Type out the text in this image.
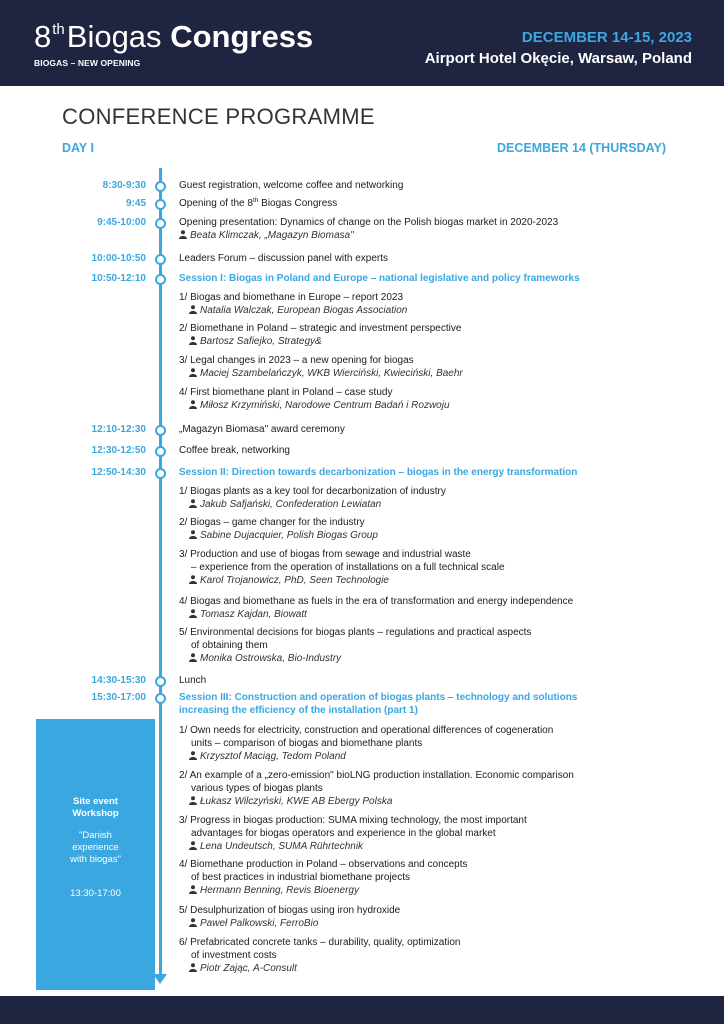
8thBiogas Congress
BIOGAS – NEW OPENING
DECEMBER 14-15, 2023
Airport Hotel Okęcie, Warsaw, Poland
CONFERENCE PROGRAMME
DAY I	DECEMBER 14 (THURSDAY)
Site event
Workshop
"Danish
experience
with biogas"
13:30-17:00
8:30-9:30	Guest registration, welcome coffee and networking
9:45	Opening of the 8th Biogas Congress
9:45-10:00	Opening presentation: Dynamics of change on the Polish biogas market in 2020-2023
Beata Klimczak, „Magazyn Biomasa"
10:00-10:50	Leaders Forum – discussion panel with experts
10:50-12:10	Session I: Biogas in Poland and Europe – national legislative and policy frameworks
1/ Biogas and biomethane in Europe – report 2023
Natalia Walczak, European Biogas Association
2/ Biomethane in Poland – strategic and investment perspective
Bartosz Safiejko, Strategy&
3/ Legal changes in 2023 – a new opening for biogas
Maciej Szambelańczyk, WKB Wierciński, Kwieciński, Baehr
4/ First biomethane plant in Poland – case study
Miłosz Krzymiński, Narodowe Centrum Badań i Rozwoju
12:10-12:30	„Magazyn Biomasa" award ceremony
12:30-12:50	Coffee break, networking
12:50-14:30	Session II: Direction towards decarbonization – biogas in the energy transformation
1/ Biogas plants as a key tool for decarbonization of industry
Jakub Safjański, Confederation Lewiatan
2/ Biogas – game changer for the industry
Sabine Dujacquier, Polish Biogas Group
3/ Production and use of biogas from sewage and industrial waste
– experience from the operation of installations on a full technical scale
Karol Trojanowicz, PhD, Seen Technologie
4/ Biogas and biomethane as fuels in the era of transformation and energy independence
Tomasz Kajdan, Biowatt
5/ Environmental decisions for biogas plants – regulations and practical aspects
of obtaining them
Monika Ostrowska, Bio-Industry
14:30-15:30	Lunch
15:30-17:00	Session III: Construction and operation of biogas plants – technology and solutions
increasing the efficiency of the installation (part 1)
1/ Own needs for electricity, construction and operational differences of cogeneration
units – comparison of biogas and biomethane plants
Krzysztof Maciąg, Tedom Poland
2/ An example of a „zero-emission" bioLNG production installation. Economic comparison
various types of biogas plants
Łukasz Wilczyński, KWE AB Ebergy Polska
3/ Progress in biogas production: SUMA mixing technology, the most important
advantages for biogas operators and experience in the global market
Lena Undeutsch, SUMA Rührtechnik
4/ Biomethane production in Poland – observations and concepts
of best practices in industrial biomethane projects
Hermann Benning, Revis Bioenergy
5/ Desulphurization of biogas using iron hydroxide
Paweł Palkowski, FerroBio
6/ Prefabricated concrete tanks – durability, quality, optimization
of investment costs
Piotr Zając, A-Consult
